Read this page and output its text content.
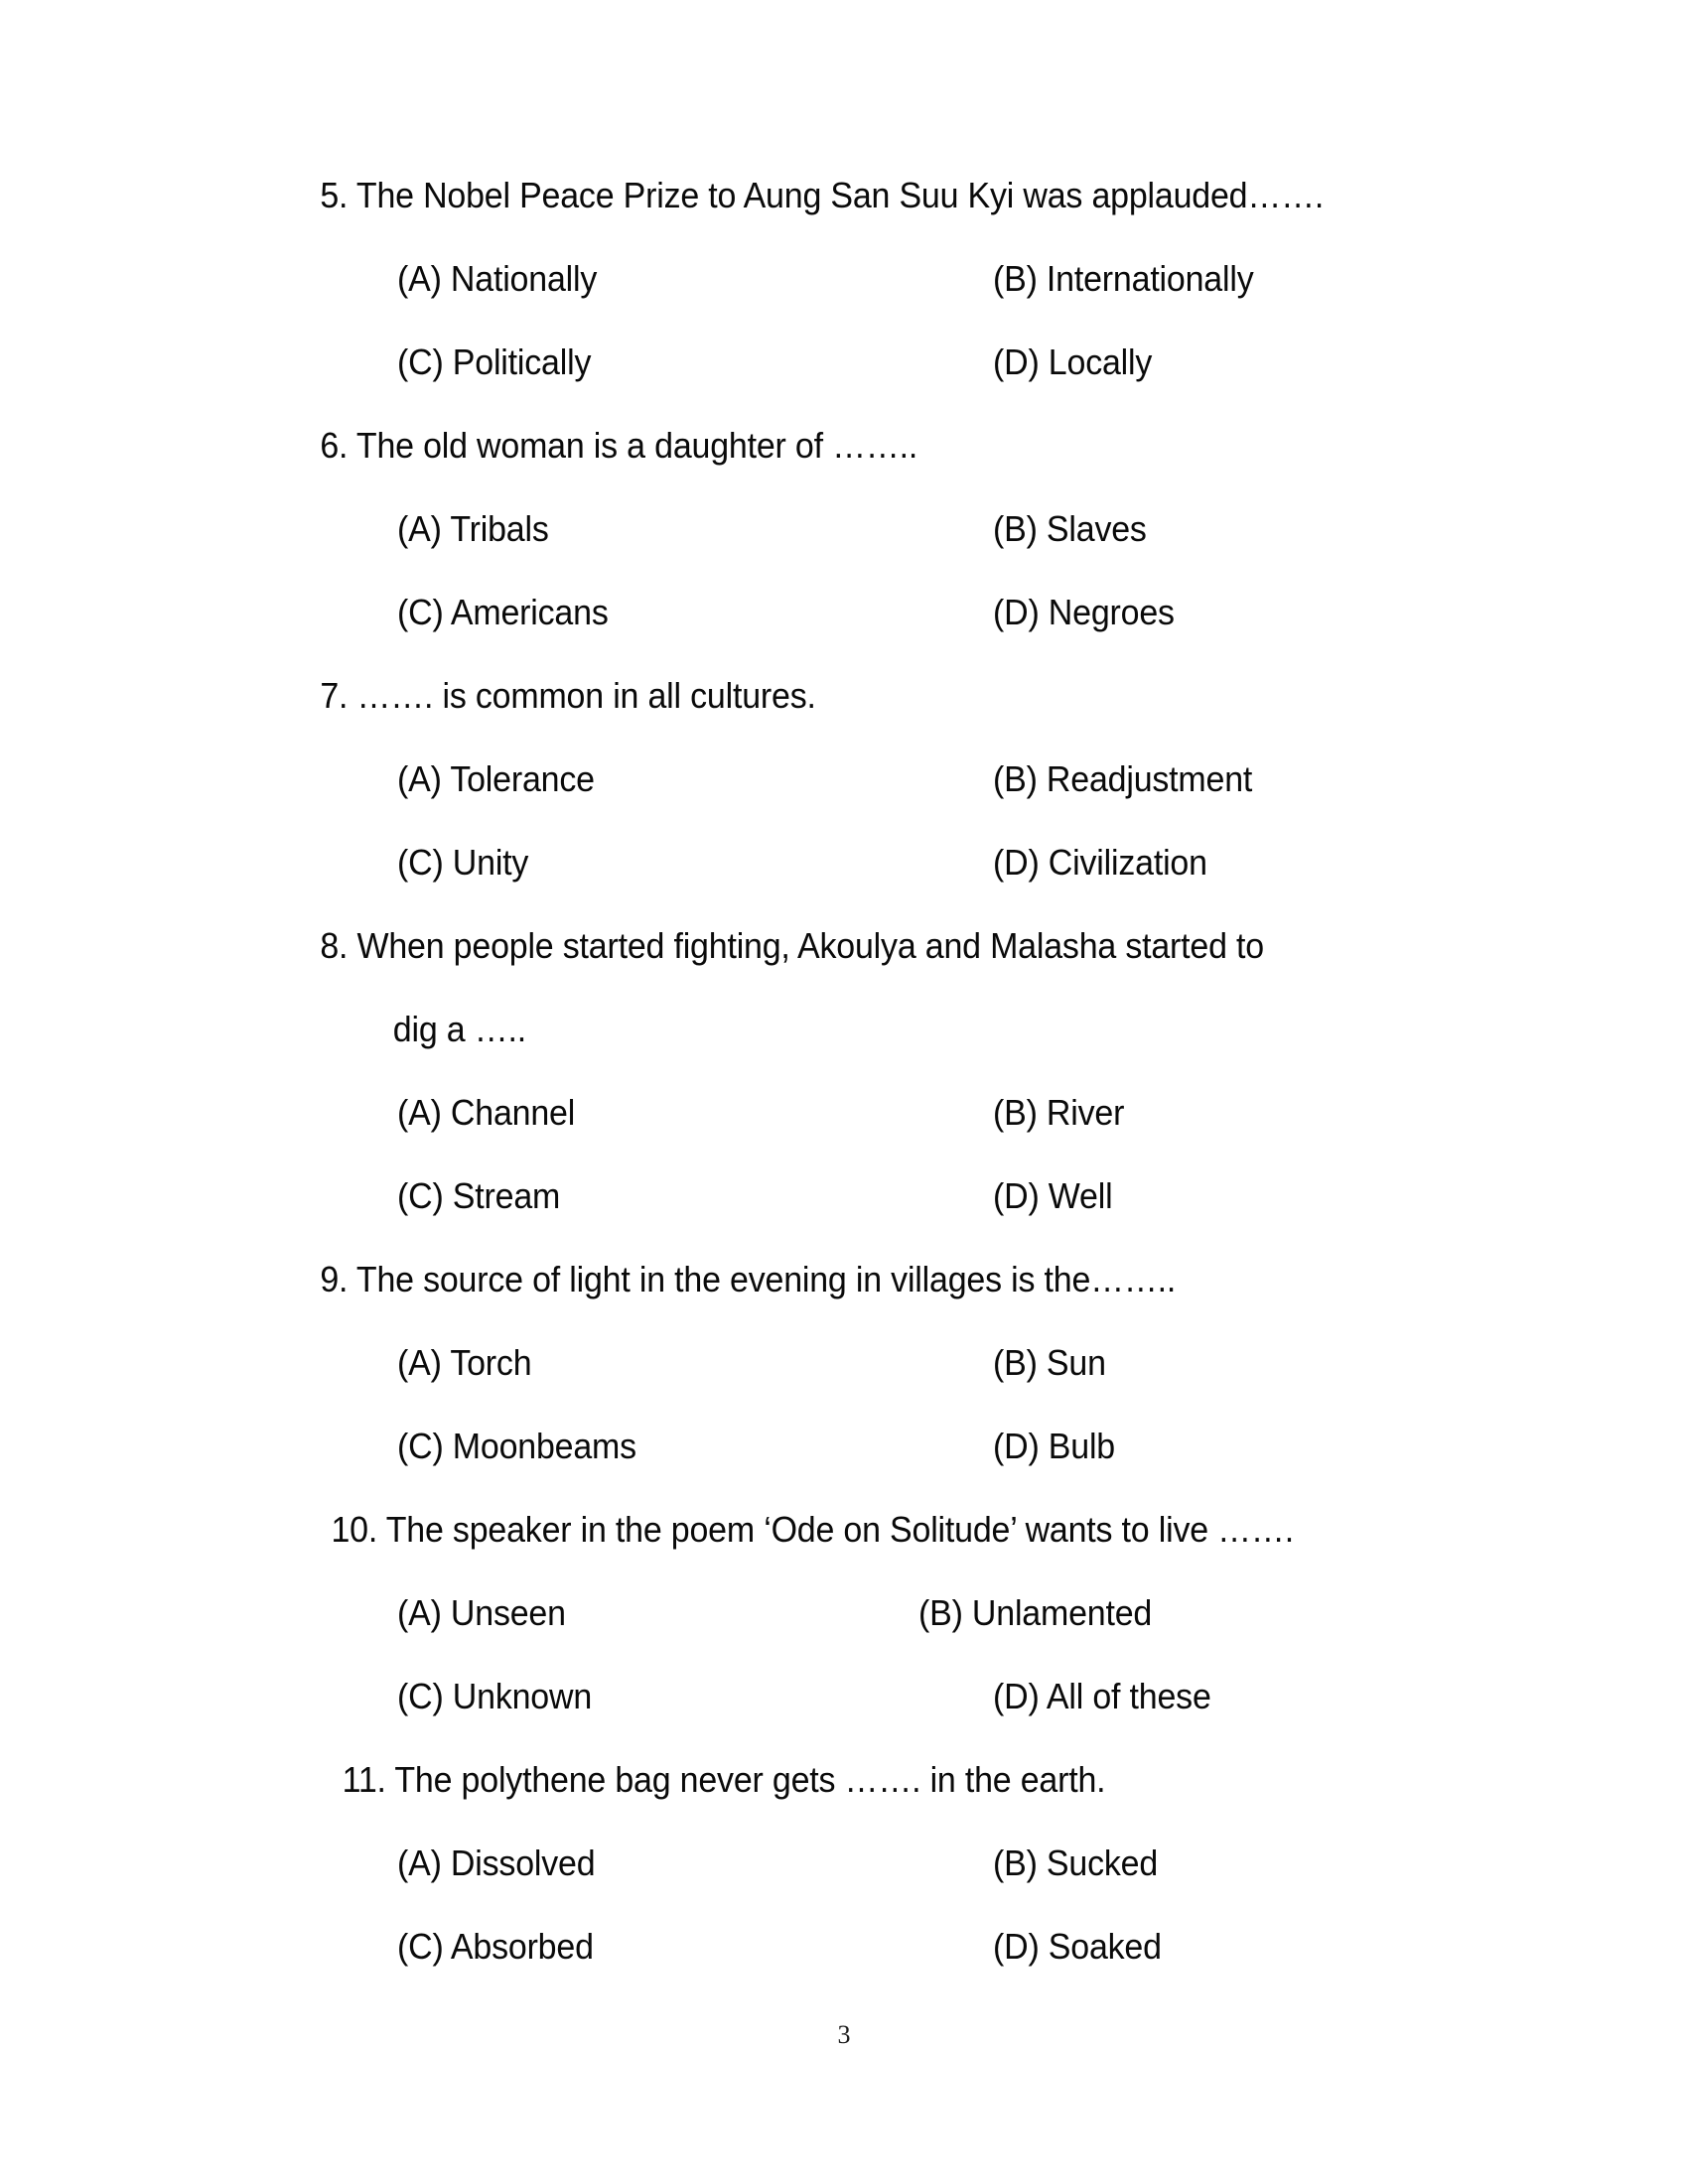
5. The Nobel Peace Prize to Aung San Suu Kyi was applauded…….
(A) Nationally	(B) Internationally
(C) Politically	(D) Locally
6. The old woman is a daughter of ……..
(A) Tribals	(B) Slaves
(C) Americans	(D) Negroes
7. ……. is common in all cultures.
(A) Tolerance	(B) Readjustment
(C) Unity	(D) Civilization
8. When people started fighting, Akoulya and Malasha started to
dig a …..
(A) Channel	(B) River
(C) Stream	(D) Well
9. The source of light in the evening in villages is the……..
(A) Torch	(B) Sun
(C) Moonbeams	(D) Bulb
10. The speaker in the poem ‘Ode on Solitude’ wants to live …….
(A) Unseen	(B) Unlamented
(C) Unknown	(D) All of these
11. The polythene bag never gets ……. in the earth.
(A) Dissolved	(B) Sucked
(C) Absorbed	(D) Soaked
3
